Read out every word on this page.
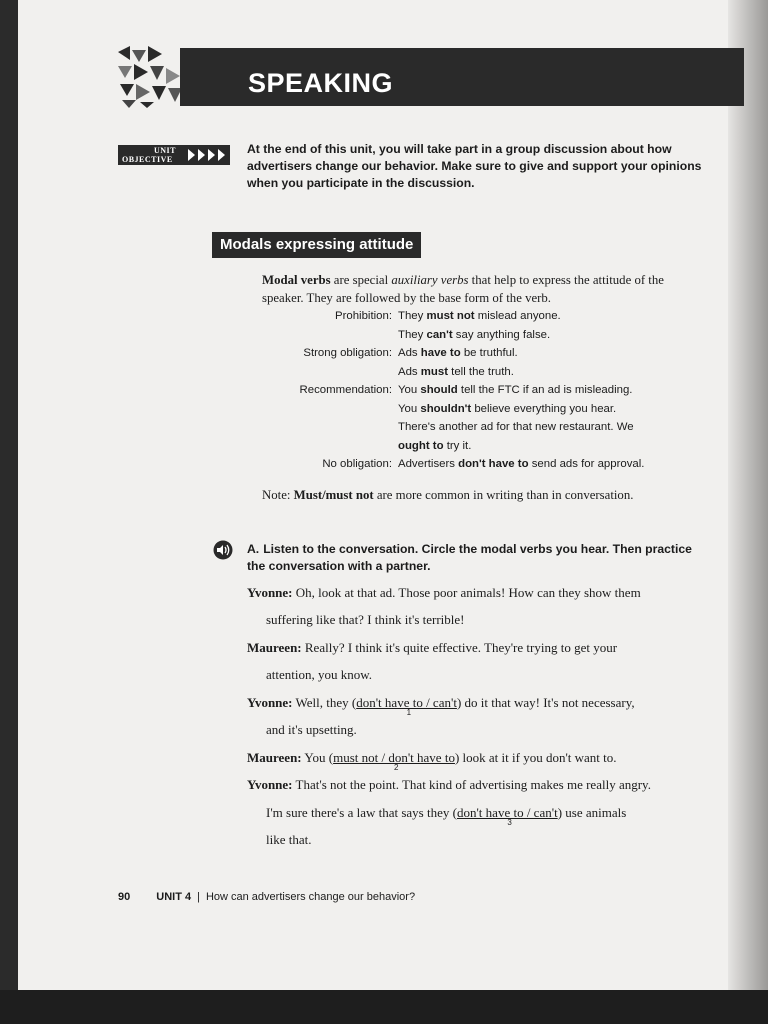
SPEAKING
UNIT
OBJECTIVE
At the end of this unit, you will take part in a group discussion about how advertisers change our behavior. Make sure to give and support your opinions when you participate in the discussion.
Modals expressing attitude
Modal verbs are special auxiliary verbs that help to express the attitude of the speaker. They are followed by the base form of the verb.
Prohibition: They must not mislead anyone.
They can't say anything false.
Strong obligation: Ads have to be truthful.
Ads must tell the truth.
Recommendation: You should tell the FTC if an ad is misleading.
You shouldn't believe everything you hear.
There's another ad for that new restaurant. We
ought to try it.
No obligation: Advertisers don't have to send ads for approval.
Note: Must/must not are more common in writing than in conversation.
A. Listen to the conversation. Circle the modal verbs you hear. Then practice the conversation with a partner.
Yvonne: Oh, look at that ad. Those poor animals! How can they show them
suffering like that? I think it's terrible!
Maureen: Really? I think it's quite effective. They're trying to get your
attention, you know.
Yvonne: Well, they (don't have to / can't
1
) do it that way! It's not necessary,
and it's upsetting.
Maureen: You (must not / don't have to
2
) look at it if you don't want to.
Yvonne: That's not the point. That kind of advertising makes me really angry.
I'm sure there's a law that says they (don't have to / can't
3
) use animals
like that.
90 UNIT 4 | How can advertisers change our behavior?
